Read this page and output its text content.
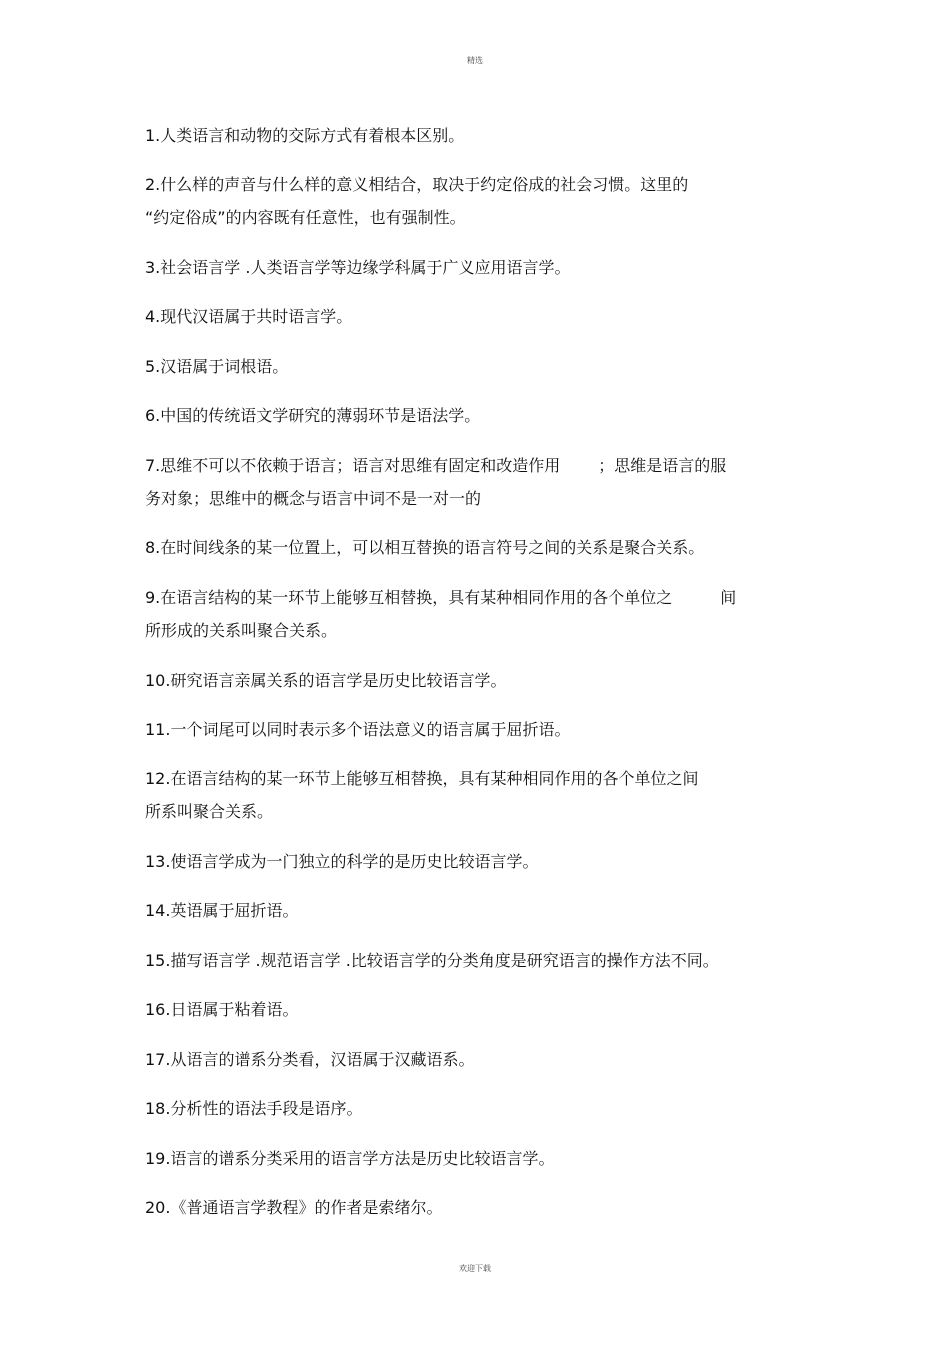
精选
1.人类语言和动物的交际方式有着根本区别。
2.什么样的声音与什么样的意义相结合，取决于约定俗成的社会习惯。这里的
“约定俗成”的内容既有任意性，也有强制性。
3.社会语言学 .人类语言学等边缘学科属于广义应用语言学。
4.现代汉语属于共时语言学。
5.汉语属于词根语。
6.中国的传统语文学研究的薄弱环节是语法学。
7.思维不可以不依赖于语言；语言对思维有固定和改造作用 ；思维是语言的服
务对象；思维中的概念与语言中词不是一对一的
8.在时间线条的某一位置上，可以相互替换的语言符号之间的关系是聚合关系。
9.在语言结构的某一环节上能够互相替换，具有某种相同作用的各个单位之	间
所形成的关系叫聚合关系。
10.研究语言亲属关系的语言学是历史比较语言学。
11.一个词尾可以同时表示多个语法意义的语言属于屈折语。
12.在语言结构的某一环节上能够互相替换，具有某种相同作用的各个单位之间
所系叫聚合关系。
13.使语言学成为一门独立的科学的是历史比较语言学。
14.英语属于屈折语。
15.描写语言学 .规范语言学 .比较语言学的分类角度是研究语言的操作方法不同。
16.日语属于粘着语。
17.从语言的谱系分类看，汉语属于汉藏语系。
18.分析性的语法手段是语序。
19.语言的谱系分类采用的语言学方法是历史比较语言学。
20.《普通语言学教程》的作者是索绪尔。
欢迎下载
